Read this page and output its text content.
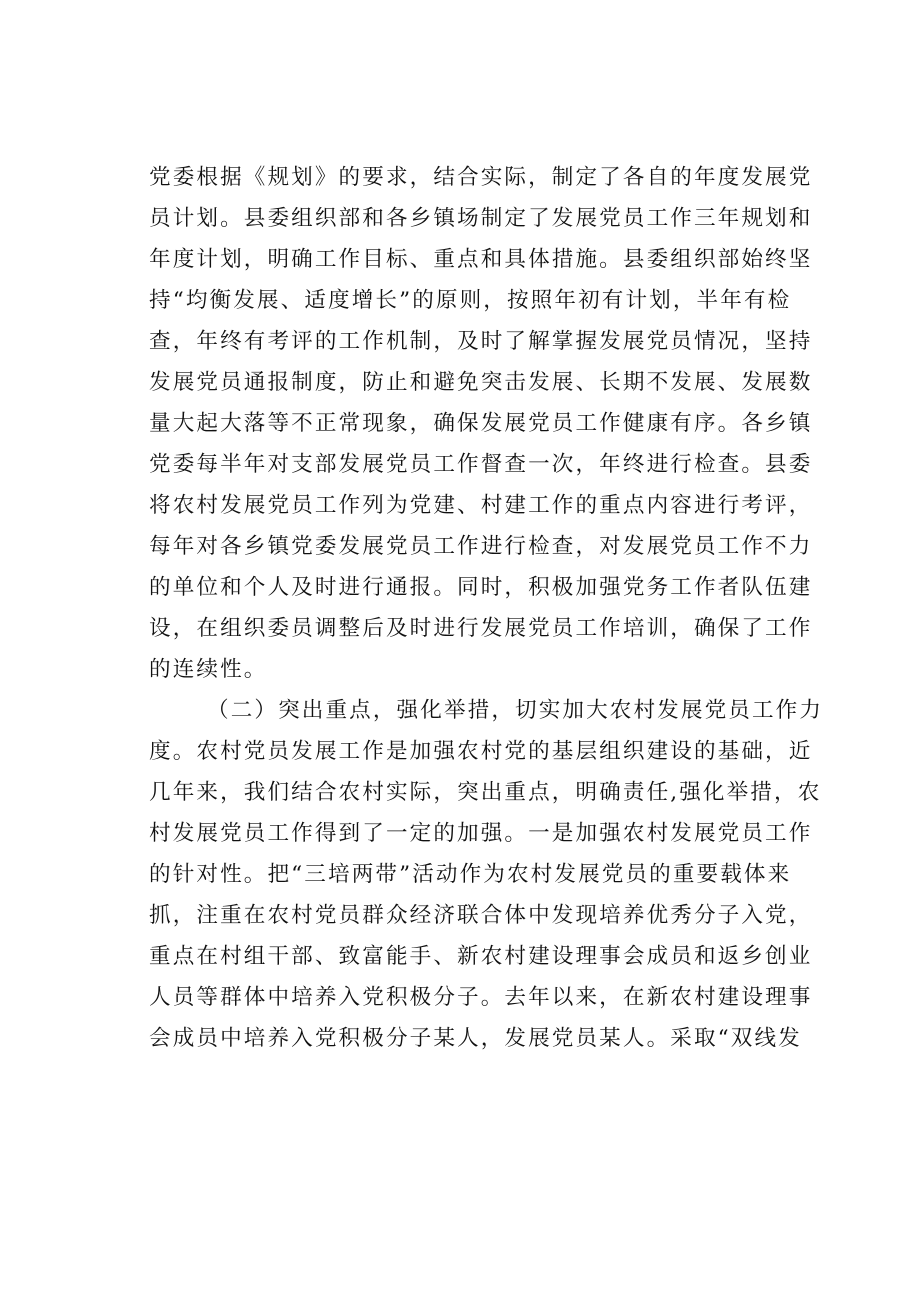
党委根据《规划》的要求，结合实际，制定了各自的年度发展党
员计划。县委组织部和各乡镇场制定了发展党员工作三年规划和
年度计划，明确工作目标、重点和具体措施。县委组织部始终坚
持“均衡发展、适度增长”的原则，按照年初有计划，半年有检
查，年终有考评的工作机制，及时了解掌握发展党员情况，坚持
发展党员通报制度，防止和避免突击发展、长期不发展、发展数
量大起大落等不正常现象，确保发展党员工作健康有序。各乡镇
党委每半年对支部发展党员工作督查一次，年终进行检查。县委
将农村发展党员工作列为党建、村建工作的重点内容进行考评，
每年对各乡镇党委发展党员工作进行检查，对发展党员工作不力
的单位和个人及时进行通报。同时，积极加强党务工作者队伍建
设，在组织委员调整后及时进行发展党员工作培训，确保了工作
的连续性。
（二）突出重点，强化举措，切实加大农村发展党员工作力
度。农村党员发展工作是加强农村党的基层组织建设的基础，近
几年来，我们结合农村实际，突出重点，明确责任,强化举措，农
村发展党员工作得到了一定的加强。一是加强农村发展党员工作
的针对性。把“三培两带”活动作为农村发展党员的重要载体来
抓，注重在农村党员群众经济联合体中发现培养优秀分子入党，
重点在村组干部、致富能手、新农村建设理事会成员和返乡创业
人员等群体中培养入党积极分子。去年以来，在新农村建设理事
会成员中培养入党积极分子某人，发展党员某人。采取“双线发
